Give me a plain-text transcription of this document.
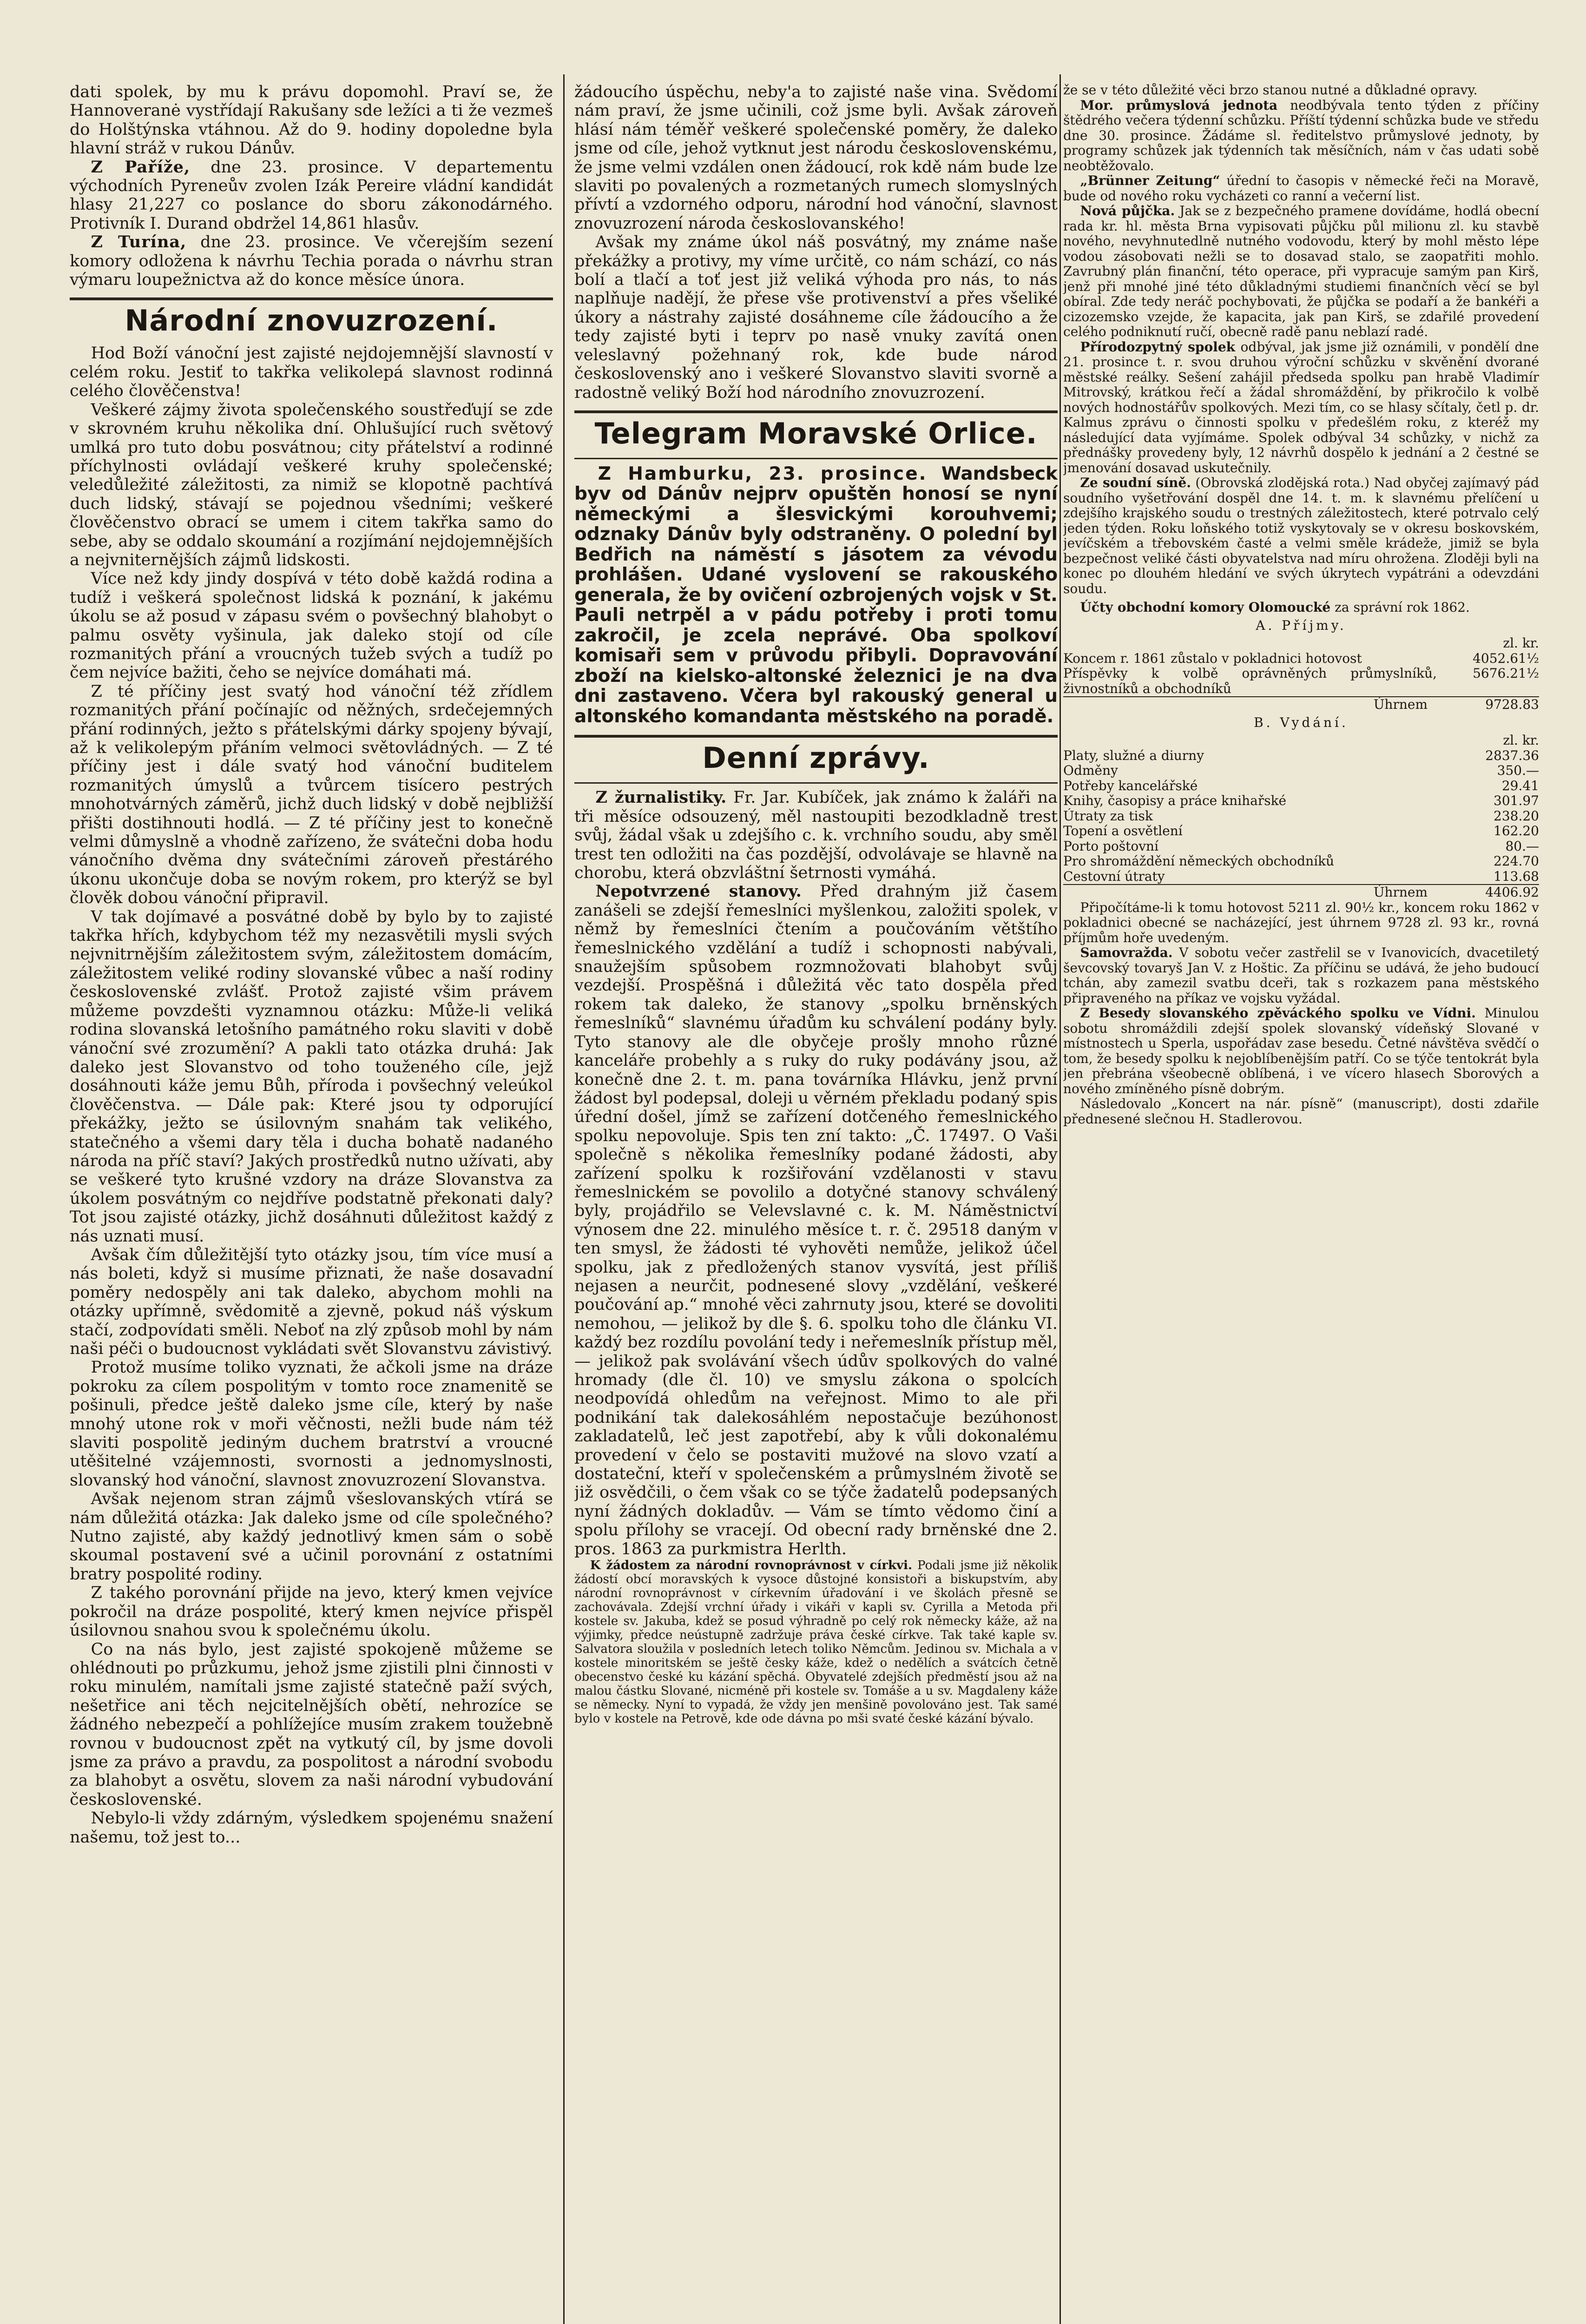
dati spolek, by mu k právu dopomohl. Praví se, že Hannoveranė vystřídají Rakušany sde ležíci a ti že vezmeš do Holštýnska vtáhnou. Až do 9. hodiny dopoledne byla hlavní stráž v rukou Dánův.

Z Paříže, dne 23. prosince. V departementu východních Pyreneův zvolen Izák Pereire vládní kandidát hlasy 21,227 co poslance do sboru zákonodárného. Protivník I. Durand obdržel 14,861 hlasův.

Z Turína, dne 23. prosince. Ve včerejším sezení komory odložena k návrhu Techia porada o návrhu stran výmaru loupežnictva až do konce měsíce února.

Národní znovuzrození.

Hod Boží vánoční jest zajisté nejdojemnější slavností v celém roku. Jestiť to takřka velikolepá slavnost rodinná celého člověčenstva!

Veškeré zájmy života společenského soustřeďují se zde v skrovném kruhu několika dní. Ohlušující ruch světový umlká pro tuto dobu posvátnou; city přátelství a rodinné příchylnosti ovládají veškeré kruhy společenské; veledůležité záležitosti, za nimiž se klopotně pachtívá duch lidský, stávají se pojednou všedními; veškeré člověčenstvo obrací se umem i citem takřka samo do sebe, aby se oddalo skoumání a rozjímání nejdojemnějších a nejvniternějších zájmů lidskosti.

Více než kdy jindy dospívá v této době každá rodina a tudíž i veškerá společnost lidská k poznání, k jakému úkolu se až posud v zápasu svém o povšechný blahobyt o palmu osvěty vyšinula, jak daleko stojí od cíle rozmanitých přání a vroucných tužeb svých a tudíž po čem nejvíce bažiti, čeho se nejvíce domáhati má.

Z té příčiny jest svatý hod vánoční též zřídlem rozmanitých přání počínajíc od něžných, srdečejemných přání rodinných, ježto s přátelskými dárky spojeny bývají, až k velikolepým přáním velmoci světovládných. — Z té příčiny jest i dále svatý hod vánoční buditelem rozmanitých úmyslů a tvůrcem tisícero pestrých mnohotvárných záměrů, jichž duch lidský v době nejbližší přišti dostihnouti hodlá. — Z té příčiny jest to konečně velmi důmyslně a vhodně zařízeno, že svátečni doba hodu vánočního dvěma dny svátečními zároveň přestárého úkonu ukončuje doba se novým rokem, pro kterýž se byl člověk dobou vánoční připravil.

V tak dojímavé a posvátné době by bylo by to zajisté takřka hřích, kdybychom též my nezasvětili mysli svých nejvnitrnějším záležitostem svým, záležitostem domácím, záležitostem veliké rodiny slovanské vůbec a naší rodiny československé zvlášť. Protož zajisté všim právem můžeme povzdešti vyznamnou otázku: Může-li veliká rodina slovanská letošního památného roku slaviti v době vánoční své zrozumění? A pakli tato otázka druhá: Jak daleko jest Slovanstvo od toho touženého cíle, jejž dosáhnouti káže jemu Bůh, příroda i povšechný veleúkol člověčenstva. — Dále pak: Které jsou ty odporující překážky, ježto se úsilovným snahám tak velikého, statečného a všemi dary těla i ducha bohatě nadaného národa na příč staví? Jakých prostředků nutno užívati, aby se veškeré tyto krušné vzdory na dráze Slovanstva za úkolem posvátným co nejdříve podstatně překonati daly? Tot jsou zajisté otázky, jichž dosáhnuti důležitost každý z nás uznati musí.

Avšak čím důležitější tyto otázky jsou, tím více musí a nás boleti, když si musíme přiznati, že naše dosavadní poměry nedospěly ani tak daleko, abychom mohli na otázky upřímně, svědomitě a zjevně, pokud náš výskum stačí, zodpovídati směli. Neboť na zlý způsob mohl by nám naši péči o budoucnost vykládati svět Slovanstvu závistivý.

Protož musíme toliko vyznati, že ačkoli jsme na dráze pokroku za cílem pospolitým v tomto roce znamenitě se pošinuli, předce ještě daleko jsme cíle, který by naše mnohý utone rok v moři věčnosti, nežli bude nám též slaviti pospolitě jediným duchem bratrství a vroucné utěšitelné vzájemnosti, svornosti a jednomyslnosti, slovanský hod vánoční, slavnost znovuzrození Slovanstva.

Avšak nejenom stran zájmů všeslovanských vtírá se nám důležitá otázka: Jak daleko jsme od cíle společného? Nutno zajisté, aby každý jednotlivý kmen sám o sobě skoumal postavení své a učinil porovnání z ostatními bratry pospolité rodiny.

Z takého porovnání přijde na jevo, který kmen vejvíce pokročil na dráze pospolité, který kmen nejvíce přispěl úsilovnou snahou svou k společnému úkolu.

Co na nás bylo, jest zajisté spokojeně můžeme se ohlédnouti po průzkumu, jehož jsme zjistili plni činnosti v roku minulém, namítali jsme zajisté statečně paží svých, nešetřice ani těch nejcitelnějších obětí, nehrozíce se žádného nebezpečí a pohlížejíce musím zrakem toužebně rovnou v budoucnost zpět na vytkutý cíl, by jsme dovoli jsme za právo a pravdu, za pospolitost a národní svobodu za blahobyt a osvětu, slovem za naši národní vybudování československé.

Nebylo-li vždy zdárným, výsledkem spojenému snažení našemu, tož jest to...

žádoucího úspěchu, neby'a to zajisté naše vina. Svědomí nám praví, že jsme učinili, což jsme byli. Avšak zároveň hlásí nám téměř veškeré společenské poměry, že daleko jsme od cíle, jehož vytknut jest národu československému, že jsme velmi vzdálen onen žádoucí, rok kdě nám bude lze slaviti po povalených a rozmetaných rumech slomyslných přívtí a vzdorného odporu, národní hod vánoční, slavnost znovuzrození národa českoslovanského!

Avšak my známe úkol náš posvátný, my známe naše překážky a protivy, my víme určitě, co nám schází, co nás bolí a tlačí a toť jest již veliká výhoda pro nás, to nás naplňuje nadějí, že přese vše protivenství a přes všeliké úkory a nástrahy zajisté dosáhneme cíle žádoucího a že tedy zajisté byti i teprv po nasě vnuky zavítá onen veleslavný požehnaný rok, kde bude národ československý ano i veškeré Slovanstvo slaviti svorně a radostně veliký Boží hod národního znovuzrození.

Telegram Moravské Orlice.

Z Hamburku, 23. prosince. Wandsbeck byv od Dánův nejprv opuštěn honosí se nyní německými a šlesvickými korouhvemi; odznaky Dánův byly odstraněny. O polední byl Bedřich na náměstí s jásotem za vévodu prohlášen. Udané vyslovení se rakouského generala, že by ovičení ozbrojených vojsk v St. Pauli netrpěl a v pádu potřeby i proti tomu zakročil, je zcela neprávé. Oba spolkoví komisaři sem v průvodu přibyli. Dopravování zboží na kielsko-altonské železnici je na dva dni zastaveno. Včera byl rakouský general u altonského komandanta městského na poradě.

Denní zprávy.

Z žurnalistiky. Fr. Jar. Kubíček, jak známo k žaláři na tři měsíce odsouzený, měl nastoupiti bezodkladně trest svůj, žádal však u zdejšího c. k. vrchního soudu, aby směl trest ten odložiti na čas pozdější, odvolávaje se hlavně na chorobu, která obzvláštní šetrnosti vymáhá.

Nepotvrzené stanovy. Před drahným již časem zanášeli se zdejší řemeslníci myšlenkou, založiti spolek, v němž by řemeslníci čtením a poučováním větštího řemeslnického vzdělání a tudíž i schopnosti nabývali, snaužejším spůsobem rozmnožovati blahobyt svůj vezdejší. Prospěšná i důležitá věc tato dospěla před rokem tak daleko, že stanovy „spolku brněnských řemeslníků“ slavnému úřadům ku schválení podány byly. Tyto stanovy ale dle obyčeje prošly mnoho různé kanceláře probehly a s ruky do ruky podávány jsou, až konečně dne 2. t. m. pana továrníka Hlávku, jenž první žádost byl podepsal, doleji u věrném překladu podaný spis úřední došel, jímž se zařízení dotčeného řemeslnického spolku nepovoluje. Spis ten zní takto: „Č. 17497. O Vaši společně s několika řemeslníky podané žádosti, aby zařízení spolku k rozšiřování vzdělanosti v stavu řemeslnickém se povolilo a dotyčné stanovy schválený byly, projádřilo se Velevslavné c. k. M. Náměstnictví výnosem dne 22. minulého měsíce t. r. č. 29518 daným v ten smysl, že žádosti té vyhověti nemůže, jelikož účel spolku, jak z předložených stanov vysvítá, jest příliš nejasen a neurčit, podnesené slovy „vzdělání, veškeré poučování ap.“ mnohé věci zahrnuty jsou, které se dovoliti nemohou, — jelikož by dle §. 6. spolku toho dle článku VI. každý bez rozdílu povolání tedy i neřemeslník přístup měl, — jelikož pak svolávání všech údův spolkových do valné hromady (dle čl. 10) ve smyslu zákona o spolcích neodpovídá ohledům na veřejnost. Mimo to ale při podnikání tak dalekosáhlém nepostačuje bezúhonost zakladatelů, leč jest zapotřebí, aby k vůli dokonalému provedení v čelo se postaviti mužové na slovo vzatí a dostateční, kteří v společenském a průmyslném životě se již osvědčili, o čem však co se týče žadatelů podepsaných nyní žádných dokladův. — Vám se tímto vědomo činí a spolu přílohy se vracejí. Od obecní rady brněnské dne 2. pros. 1863 za purkmistra Herlth.

K žádostem za národní rovnoprávnost v církvi. Podali jsme již několik žádostí obcí moravských k vysoce důstojné konsistoři a biskupstvím, aby národní rovnoprávnost v církevním úřadování i ve školách přesně se zachovávala. Zdejší vrchní úřady i vikáři v kapli sv. Cyrilla a Metoda při kostele sv. Jakuba, kdež se posud výhradně po celý rok německy káže, až na výjimky, předce neústupně zadržuje práva české církve. Tak také kaple sv. Salvatora sloužila v posledních letech toliko Němcům. Jedinou sv. Michala a v kostele minoritském se ještě česky káže, kdež o nedělích a svátcích četně obecenstvo české ku kázání spěchá. Obyvatelé zdejších předměstí jsou až na malou částku Slované, nicméně při kostele sv. Tomáše a u sv. Magdaleny káže se německy. Nyní to vypadá, že vždy jen menšině povolováno jest. Tak samé bylo v kostele na Petrově, kde ode dávna po mši svaté české kázání bývalo.

že se v této důležité věci brzo stanou nutné a důkladné opravy.

Mor. průmyslová jednota neodbývala tento týden z příčiny štědrého večera týdenní schůzku. Příští týdenní schůzka bude ve středu dne 30. prosince. Žádáme sl. ředitelstvo průmyslové jednoty, by programy schůzek jak týdenních tak měsíčních, nám v čas udati sobě neobtěžovalo.

„Brünner Zeitung“ úřední to časopis v německé řeči na Moravě, bude od nového roku vycházeti co ranní a večerní list.

Nová půjčka. Jak se z bezpečného pramene dovídáme, hodlá obecní rada kr. hl. města Brna vypisovati půjčku půl milionu zl. ku stavbě nového, nevyhnutedlně nutného vodovodu, který by mohl město lépe vodou zásobovati nežli se to dosavad stalo, se zaopatřiti mohlo. Zavrubný plán finanční, této operace, při vypracuje samým pan Kirš, jenž při mnohé jiné této důkladnými studiemi finančních věcí se byl obíral. Zde tedy neráč pochybovati, že půjčka se podaří a že bankéři a cizozemsko vzejde, že kapacita, jak pan Kirš, se zdařilé provedení celého podniknutí ručí, obecně radě panu neblazí radé.

Přírodozpytný spolek odbýval, jak jsme již oznámili, v pondělí dne 21. prosince t. r. svou druhou výroční schůzku v skvěnění dvorané městské reálky. Sešení zahájil předseda spolku pan hrabě Vladimír Mitrovský, krátkou řečí a žádal shromáždění, by přikročilo k volbě nových hodnostářův spolkových. Mezi tím, co se hlasy sčítaly, četl p. dr. Kalmus zprávu o činnosti spolku v předešlém roku, z kteréž my následující data vyjímáme. Spolek odbýval 34 schůzky, v nichž za přednášky provedeny byly, 12 návrhů dospělo k jednání a 2 čestné se jmenování dosavad uskutečnily.

Ze soudní síně. (Obrovská zlodějská rota.) Nad obyčej zajímavý pád soudního vyšetřování dospěl dne 14. t. m. k slavnému přelíčení u zdejšího krajského soudu o trestných záležitostech, které potrvalo celý jeden týden. Roku loňského totiž vyskytovaly se v okresu boskovském, jevíčském a třebovském časté a velmi směle krádeže, jimiž se byla bezpečnost veliké části obyvatelstva nad míru ohrožena. Zloději byli na konec po dlouhém hledání ve svých úkrytech vypátráni a odevzdáni soudu.

Účty obchodní komory Olomoucké za správní rok 1862.

A. Příjmy.
	zl. kr.
Koncem r. 1861 zůstalo v pokladnici hotovost	4052.61½
Příspěvky k volbě oprávněných průmyslníků, živnostníků a obchodníků	5676.21½
Úhrnem	9728.83
B. Vydání.
	zl. kr.
Platy, služné a diurny	2837.36
Odměny	350.—
Potřeby kancelářské	29.41
Knihy, časopisy a práce knihařské	301.97
Útraty za tisk	238.20
Topení a osvětlení	162.20
Porto poštovní	80.—
Pro shromáždění německých obchodníků	224.70
Cestovní útraty	113.68
Úhrnem	4406.92

Připočítáme-li k tomu hotovost 5211 zl. 90½ kr., koncem roku 1862 v pokladnici obecné se nacházející, jest úhrnem 9728 zl. 93 kr., rovná příjmům hoře uvedeným.

Samovražda. V sobotu večer zastřelil se v Ivanovicích, dvacetiletý ševcovský tovaryš Jan V. z Hoštic. Za příčinu se udává, že jeho budoucí tchán, aby zamezil svatbu dceři, tak s rozkazem pana městského připraveného na příkaz ve vojsku vyžádal.

Z Besedy slovanského zpěváckého spolku ve Vídni. Minulou sobotu shromáždili zdejší spolek slovanský vídeňský Slované v místnostech u Sperla, uspořádav zase besedu. Četné návštěva svědčí o tom, že besedy spolku k nejoblíbenějším patří. Co se týče tentokrát byla jen přebrána všeobecně oblíbená, i ve vícero hlasech Sborových a nového zmíněného písně dobrým.

Následovalo „Koncert na nár. písně“ (manuscript), dosti zdařile přednesené slečnou H. Stadlerovou.
